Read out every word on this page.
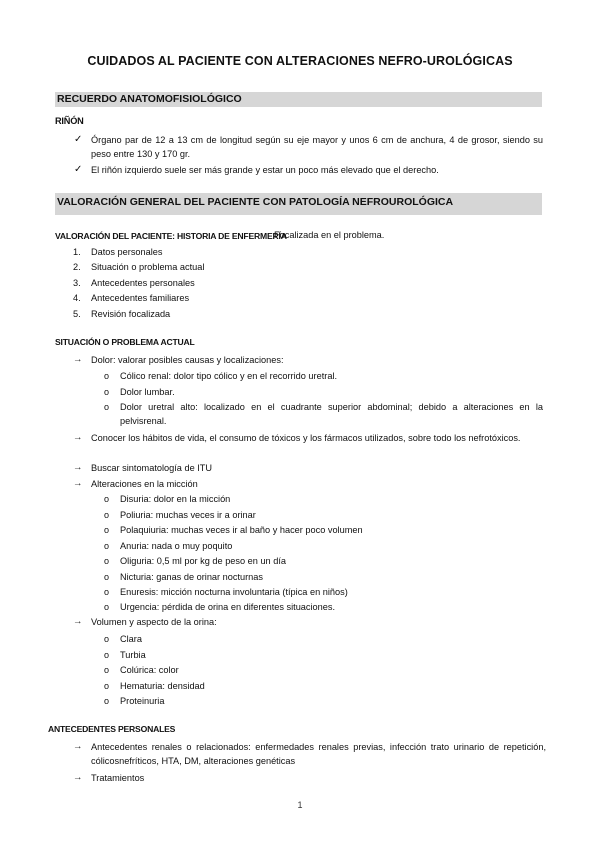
CUIDADOS AL PACIENTE CON ALTERACIONES NEFRO-UROLÓGICAS
RECUERDO ANATOMOFISIOLÓGICO
RIÑÓN
✓ Órgano par de 12 a 13 cm de longitud según su eje mayor y unos 6 cm de anchura, 4 de grosor, siendo su peso entre 130 y 170 gr.
✓ El riñón izquierdo suele ser más grande y estar un poco más elevado que el derecho.
VALORACIÓN GENERAL DEL PACIENTE CON PATOLOGÍA NEFROUROLÓGICA
VALORACIÓN DEL PACIENTE: HISTORIA DE ENFERMERÍA
Focalizada en el problema.
1. Datos personales
2. Situación o problema actual
3. Antecedentes personales
4. Antecedentes familiares
5. Revisión focalizada
SITUACIÓN O PROBLEMA ACTUAL
→ Dolor: valorar posibles causas y localizaciones:
o Cólico renal: dolor tipo cólico y en el recorrido uretral.
o Dolor lumbar.
o Dolor uretral alto: localizado en el cuadrante superior abdominal; debido a alteraciones en la pelvisrenal.
→ Conocer los hábitos de vida, el consumo de tóxicos y los fármacos utilizados, sobre todo los nefrotóxicos.
→ Buscar sintomatología de ITU
→ Alteraciones en la micción
o Disuria: dolor en la micción
o Poliuria: muchas veces ir a orinar
o Polaquiuria: muchas veces ir al baño y hacer poco volumen
o Anuria: nada o muy poquito
o Oliguria: 0,5 ml por kg de peso en un día
o Nicturia: ganas de orinar nocturnas
o Enuresis: micción nocturna involuntaria (típica en niños)
o Urgencia: pérdida de orina en diferentes situaciones.
→ Volumen y aspecto de la orina:
o Clara
o Turbia
o Colúrica: color
o Hematuria: densidad
o Proteinuria
ANTECEDENTES PERSONALES
→ Antecedentes renales o relacionados: enfermedades renales previas, infección trato urinario de repetición, cólicosnefríticos, HTA, DM, alteraciones genéticas
→ Tratamientos
1
